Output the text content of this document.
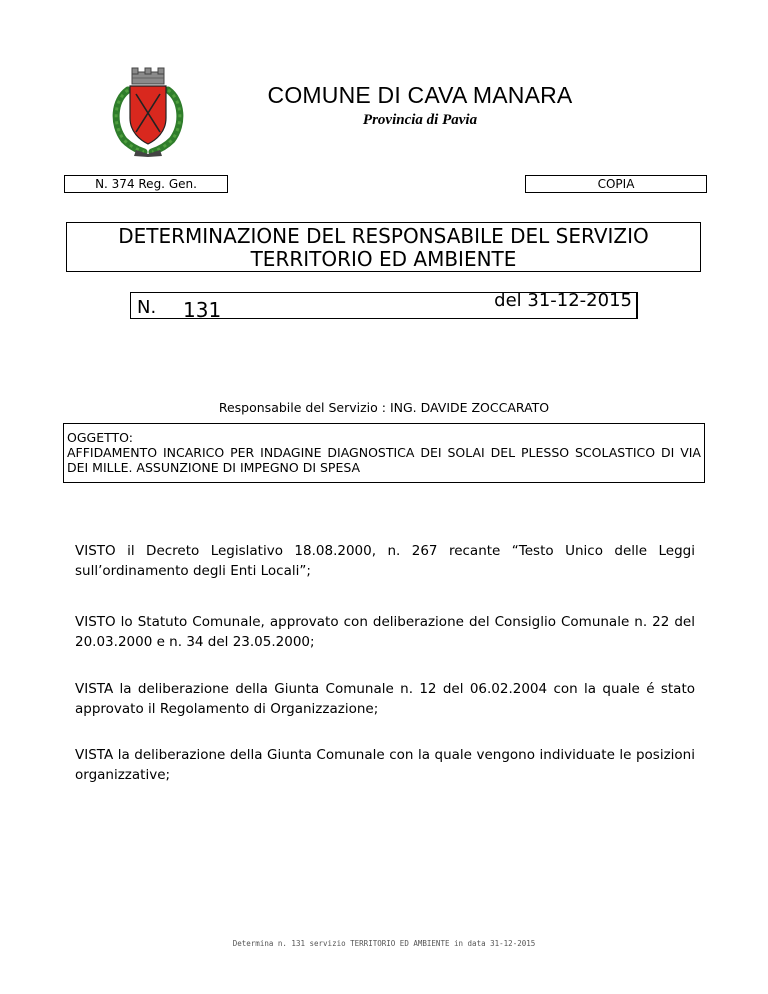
COMUNE DI CAVA MANARA
Provincia di Pavia
N. 374 Reg. Gen.	COPIA
DETERMINAZIONE DEL RESPONSABILE DEL SERVIZIO
TERRITORIO ED AMBIENTE
N. 131	del 31-12-2015
Responsabile del Servizio : ING. DAVIDE ZOCCARATO
OGGETTO:
AFFIDAMENTO INCARICO PER INDAGINE DIAGNOSTICA DEI SOLAI DEL PLESSO SCOLASTICO DI VIA DEI MILLE. ASSUNZIONE DI IMPEGNO DI SPESA
VISTO il Decreto Legislativo 18.08.2000, n. 267 recante “Testo Unico delle Leggi sull’ordinamento degli Enti Locali”;
VISTO lo Statuto Comunale, approvato con deliberazione del Consiglio Comunale n. 22 del 20.03.2000 e n. 34 del 23.05.2000;
VISTA la deliberazione della Giunta Comunale n. 12 del 06.02.2004 con la quale é stato approvato il Regolamento di Organizzazione;
VISTA la deliberazione della Giunta Comunale con la quale vengono individuate le posizioni organizzative;
Determina n. 131 servizio TERRITORIO ED AMBIENTE in data 31-12-2015
